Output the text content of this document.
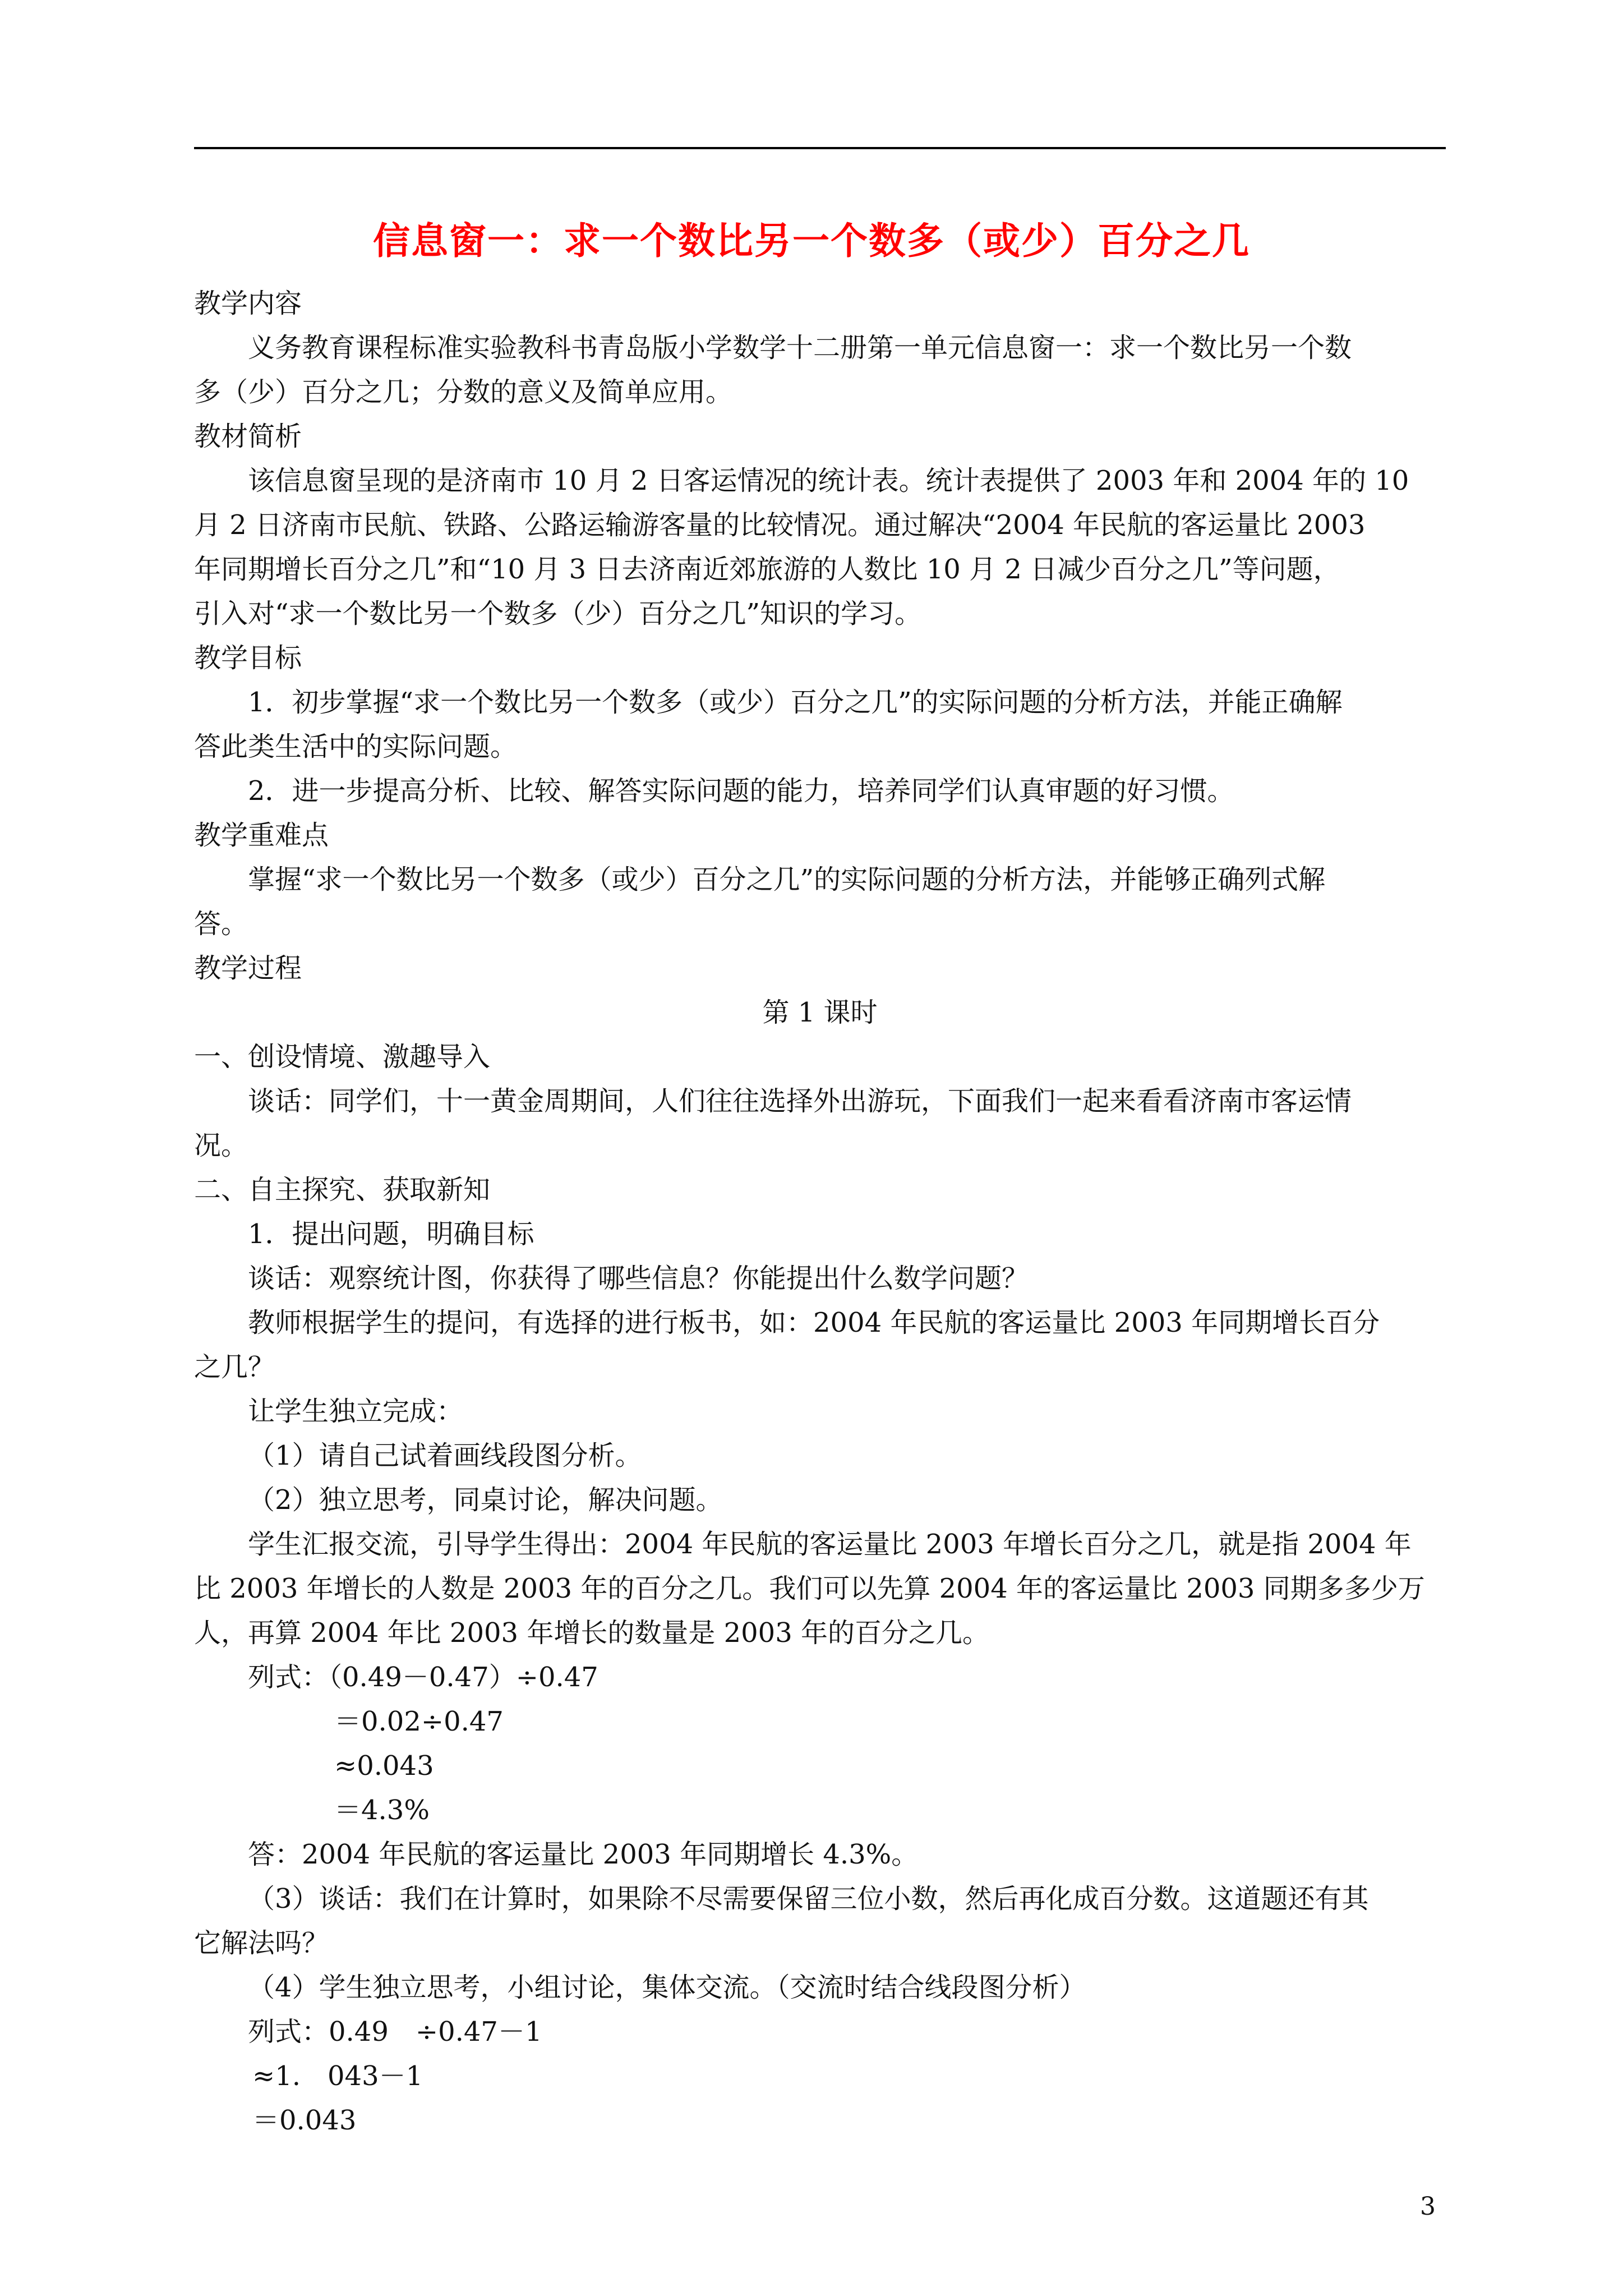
信息窗一：求一个数比另一个数多（或少）百分之几
教学内容
义务教育课程标准实验教科书青岛版小学数学十二册第一单元信息窗一：求一个数比另一个数
多（少）百分之几；分数的意义及简单应用。
教材简析
该信息窗呈现的是济南市 10 月 2 日客运情况的统计表。统计表提供了 2003 年和 2004 年的 10
月 2 日济南市民航、铁路、公路运输游客量的比较情况。通过解决“2004 年民航的客运量比 2003
年同期增长百分之几”和“10 月 3 日去济南近郊旅游的人数比 10 月 2 日减少百分之几”等问题，
引入对“求一个数比另一个数多（少）百分之几”知识的学习。
教学目标
1．初步掌握“求一个数比另一个数多（或少）百分之几”的实际问题的分析方法，并能正确解
答此类生活中的实际问题。
2．进一步提高分析、比较、解答实际问题的能力，培养同学们认真审题的好习惯。
教学重难点
掌握“求一个数比另一个数多（或少）百分之几”的实际问题的分析方法，并能够正确列式解
答。
教学过程
第 1 课时
一、创设情境、激趣导入
谈话：同学们，十一黄金周期间，人们往往选择外出游玩，下面我们一起来看看济南市客运情
况。
二、自主探究、获取新知
1．提出问题，明确目标
谈话：观察统计图，你获得了哪些信息？你能提出什么数学问题？
教师根据学生的提问，有选择的进行板书，如：2004 年民航的客运量比 2003 年同期增长百分
之几？
让学生独立完成：
（1）请自己试着画线段图分析。
（2）独立思考，同桌讨论，解决问题。
学生汇报交流，引导学生得出：2004 年民航的客运量比 2003 年增长百分之几，就是指 2004 年
比 2003 年增长的人数是 2003 年的百分之几。我们可以先算 2004 年的客运量比 2003 同期多多少万
人，再算 2004 年比 2003 年增长的数量是 2003 年的百分之几。
列式：（0.49－0.47）÷0.47
＝0.02÷0.47
≈0.043
＝4.3%
答：2004 年民航的客运量比 2003 年同期增长 4.3%。
（3）谈话：我们在计算时，如果除不尽需要保留三位小数，然后再化成百分数。这道题还有其
它解法吗？
（4）学生独立思考，小组讨论，集体交流。（交流时结合线段图分析）
列式：0.49　÷0.47－1
≈1.　043－1
＝0.043
3
